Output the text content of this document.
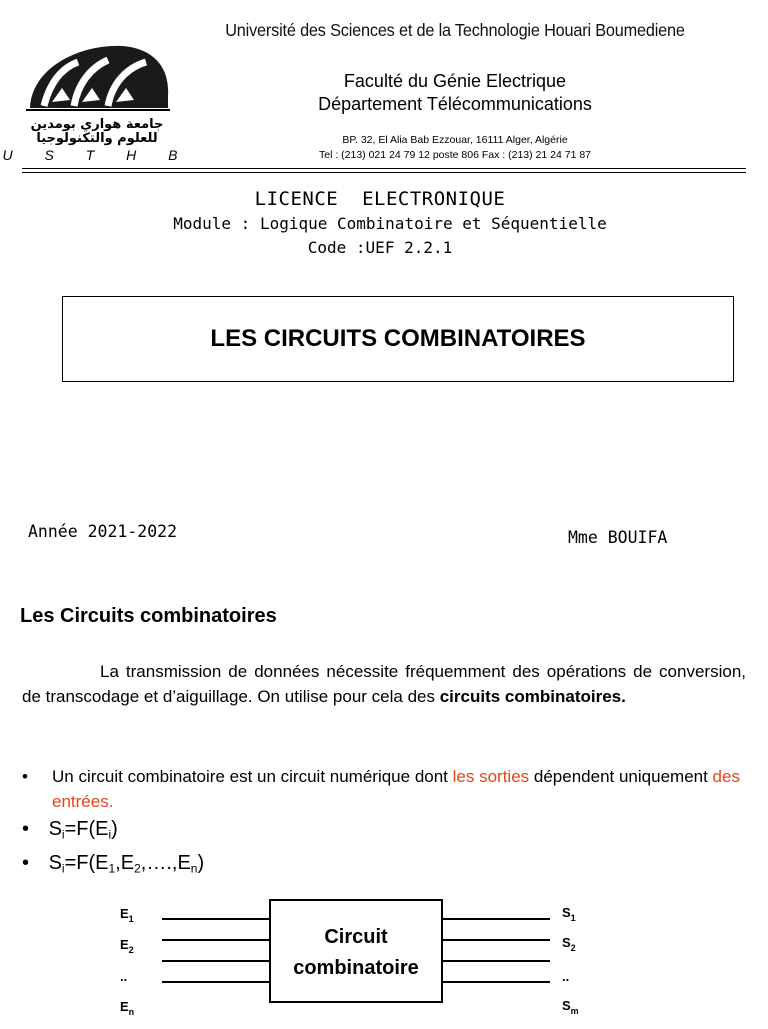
جامعة هواري بومدين
للعلوم والتكنولوجيا
U S T H B
Université des Sciences et de la Technologie Houari Boumediene
Faculté du Génie Electrique
Département Télécommunications
BP. 32, El Alia Bab Ezzouar, 16111 Alger, Algérie
Tel : (213) 021 24 79 12 poste 806 Fax : (213) 21 24 71 87
LICENCE  ELECTRONIQUE
Module : Logique Combinatoire et Séquentielle
Code :UEF 2.2.1
LES CIRCUITS COMBINATOIRES
Année 2021-2022	Mme BOUIFA
Les Circuits combinatoires
La transmission de données nécessite fréquemment des opérations de conversion, de transcodage et d’aiguillage. On utilise pour cela des circuits combinatoires.
• Un circuit combinatoire est un circuit numérique dont les sorties dépendent uniquement des entrées.
• $S_i=F(E_i)$
• $S_i=F(E_1,E_2,\dots.,E_n)$
Circuit
combinatoire
$E_1$
$E_2$
..
$E_n$
$S_1$
$S_2$
..
$S_m$
